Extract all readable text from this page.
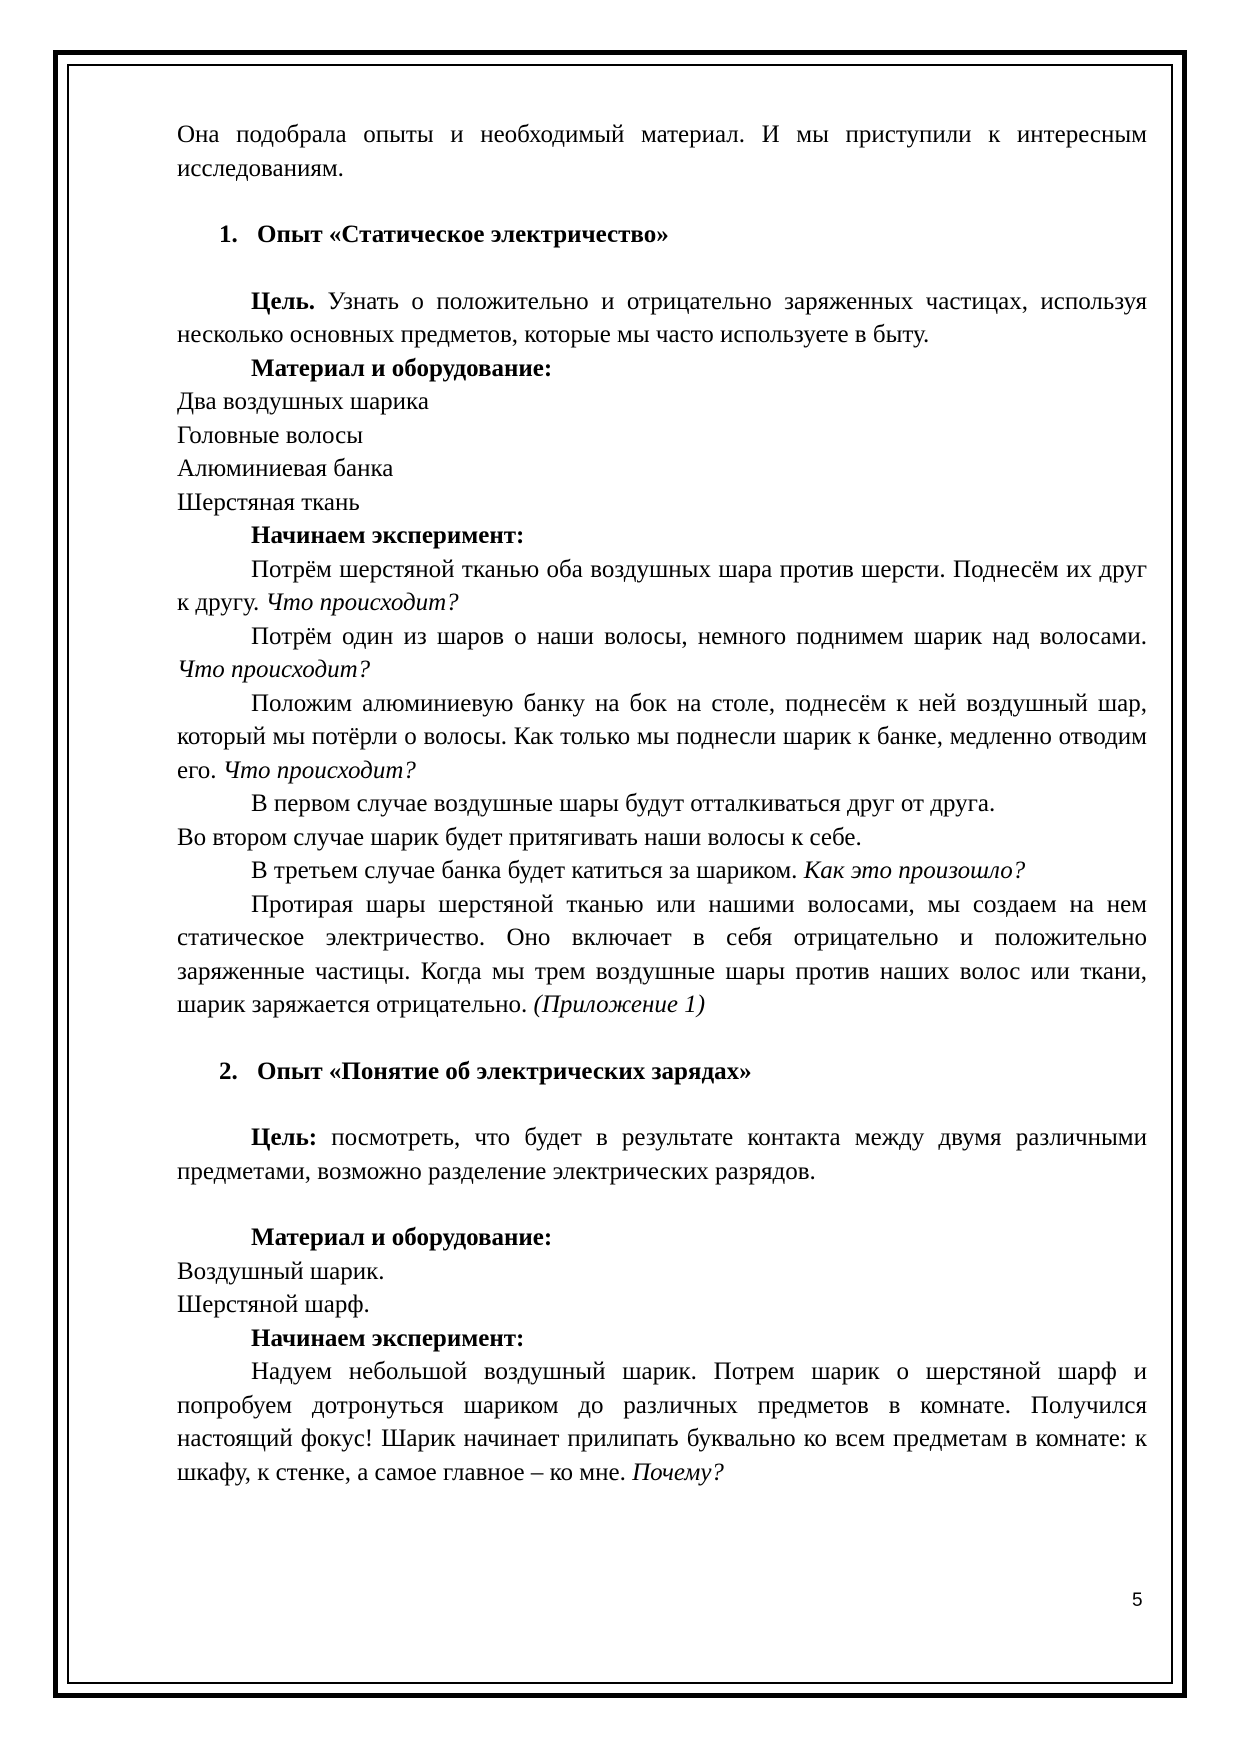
Она подобрала опыты и необходимый материал. И мы приступили к интересным исследованиям.

1. Опыт «Статическое электричество»

Цель. Узнать о положительно и отрицательно заряженных частицах, используя несколько основных предметов, которые мы часто используете в быту.

Материал и оборудование:

Два воздушных шарика

Головные волосы

Алюминиевая банка

Шерстяная ткань

Начинаем эксперимент:

Потрём шерстяной тканью оба воздушных шара против шерсти. Поднесём их друг к другу. Что происходит?

Потрём один из шаров о наши волосы, немного поднимем шарик над волосами. Что происходит?

Положим алюминиевую банку на бок на столе, поднесём к ней воздушный шар, который мы потёрли о волосы. Как только мы поднесли шарик к банке, медленно отводим его. Что происходит?

В первом случае воздушные шары будут отталкиваться друг от друга.

Во втором случае шарик будет притягивать наши волосы к себе.

В третьем случае банка будет катиться за шариком. Как это произошло?

Протирая шары шерстяной тканью или нашими волосами, мы создаем на нем статическое электричество. Оно включает в себя отрицательно и положительно заряженные частицы. Когда мы трем воздушные шары против наших волос или ткани, шарик заряжается отрицательно. (Приложение 1)

2. Опыт «Понятие об электрических зарядах»

Цель: посмотреть, что будет в результате контакта между двумя различными предметами, возможно разделение электрических разрядов.

Материал и оборудование:

Воздушный шарик.

Шерстяной шарф.

Начинаем эксперимент:

Надуем небольшой воздушный шарик. Потрем шарик о шерстяной шарф и попробуем дотронуться шариком до различных предметов в комнате. Получился настоящий фокус! Шарик начинает прилипать буквально ко всем предметам в комнате: к шкафу, к стенке, а самое главное – ко мне. Почему?

5
